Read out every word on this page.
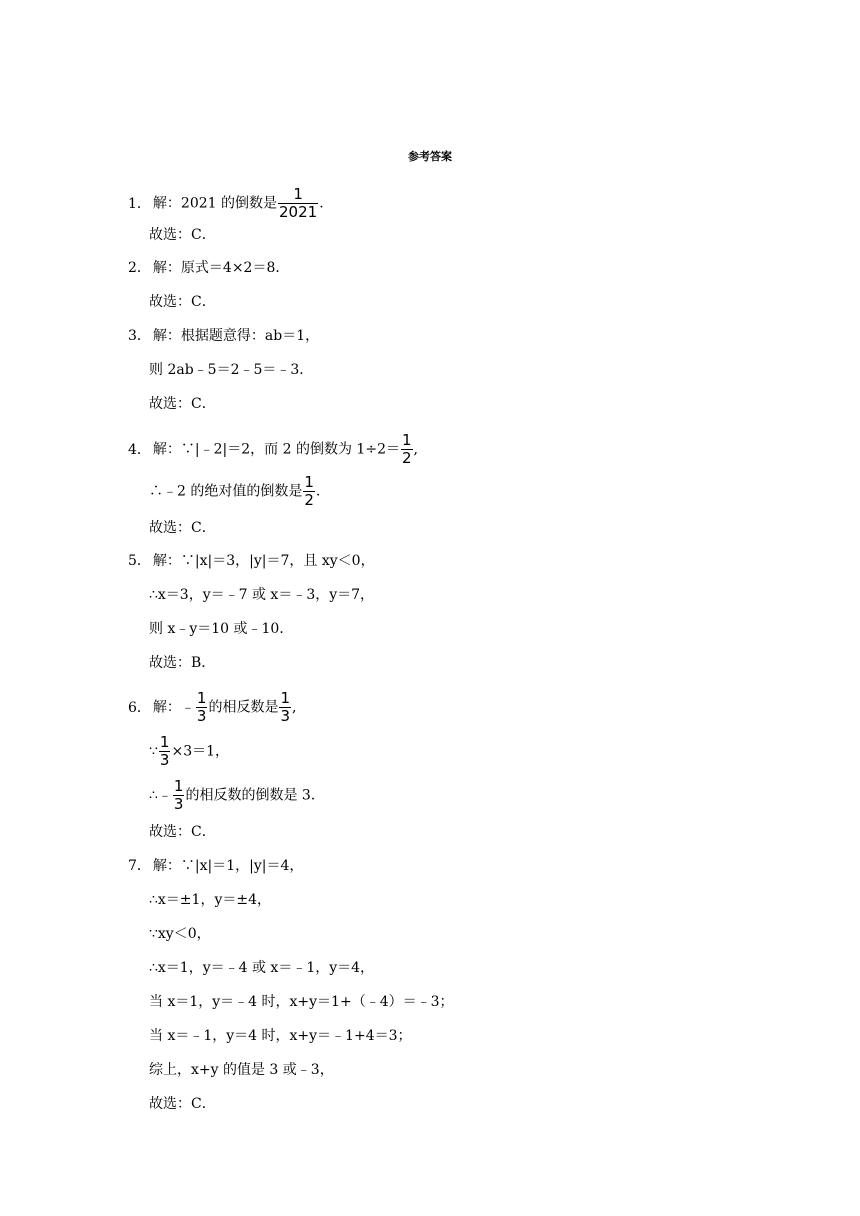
参考答案
1． 解：2021 的倒数是 $\frac{1}{2021}$ .
故选：C．
2． 解：原式＝4×2＝8．
故选：C．
3． 解：根据题意得：ab＝1，
则 2ab﹣5＝2﹣5＝﹣3．
故选：C．
4． 解：∵|﹣2|＝2，而 2 的倒数为 $1\div 2= \frac{1}{2}$ ,
∴﹣2 的绝对值的倒数是 $\frac{1}{2}$ .
故选：C．
5． 解：∵|x|＝3，|y|＝7，且 xy＜0，
∴x＝3，y＝﹣7 或 x＝﹣3，y＝7，
则 x﹣y＝10 或﹣10．
故选：B．
6． 解：﹣ $\frac{1}{3}$ 的相反数是 $\frac{1}{3}$ ,
∵ $\frac{1}{3} \times 3=1$，
∴﹣ $\frac{1}{3}$ 的相反数的倒数是 3．
故选：C．
7． 解：∵|x|＝1，|y|＝4，
∴x＝±1，y＝±4，
∵xy＜0，
∴x＝1，y＝﹣4 或 x＝﹣1，y＝4，
当 x＝1，y＝﹣4 时，x+y＝1+（﹣4）＝﹣3；
当 x＝﹣1，y＝4 时，x+y＝﹣1+4＝3；
综上，x+y 的值是 3 或﹣3，
故选：C．
